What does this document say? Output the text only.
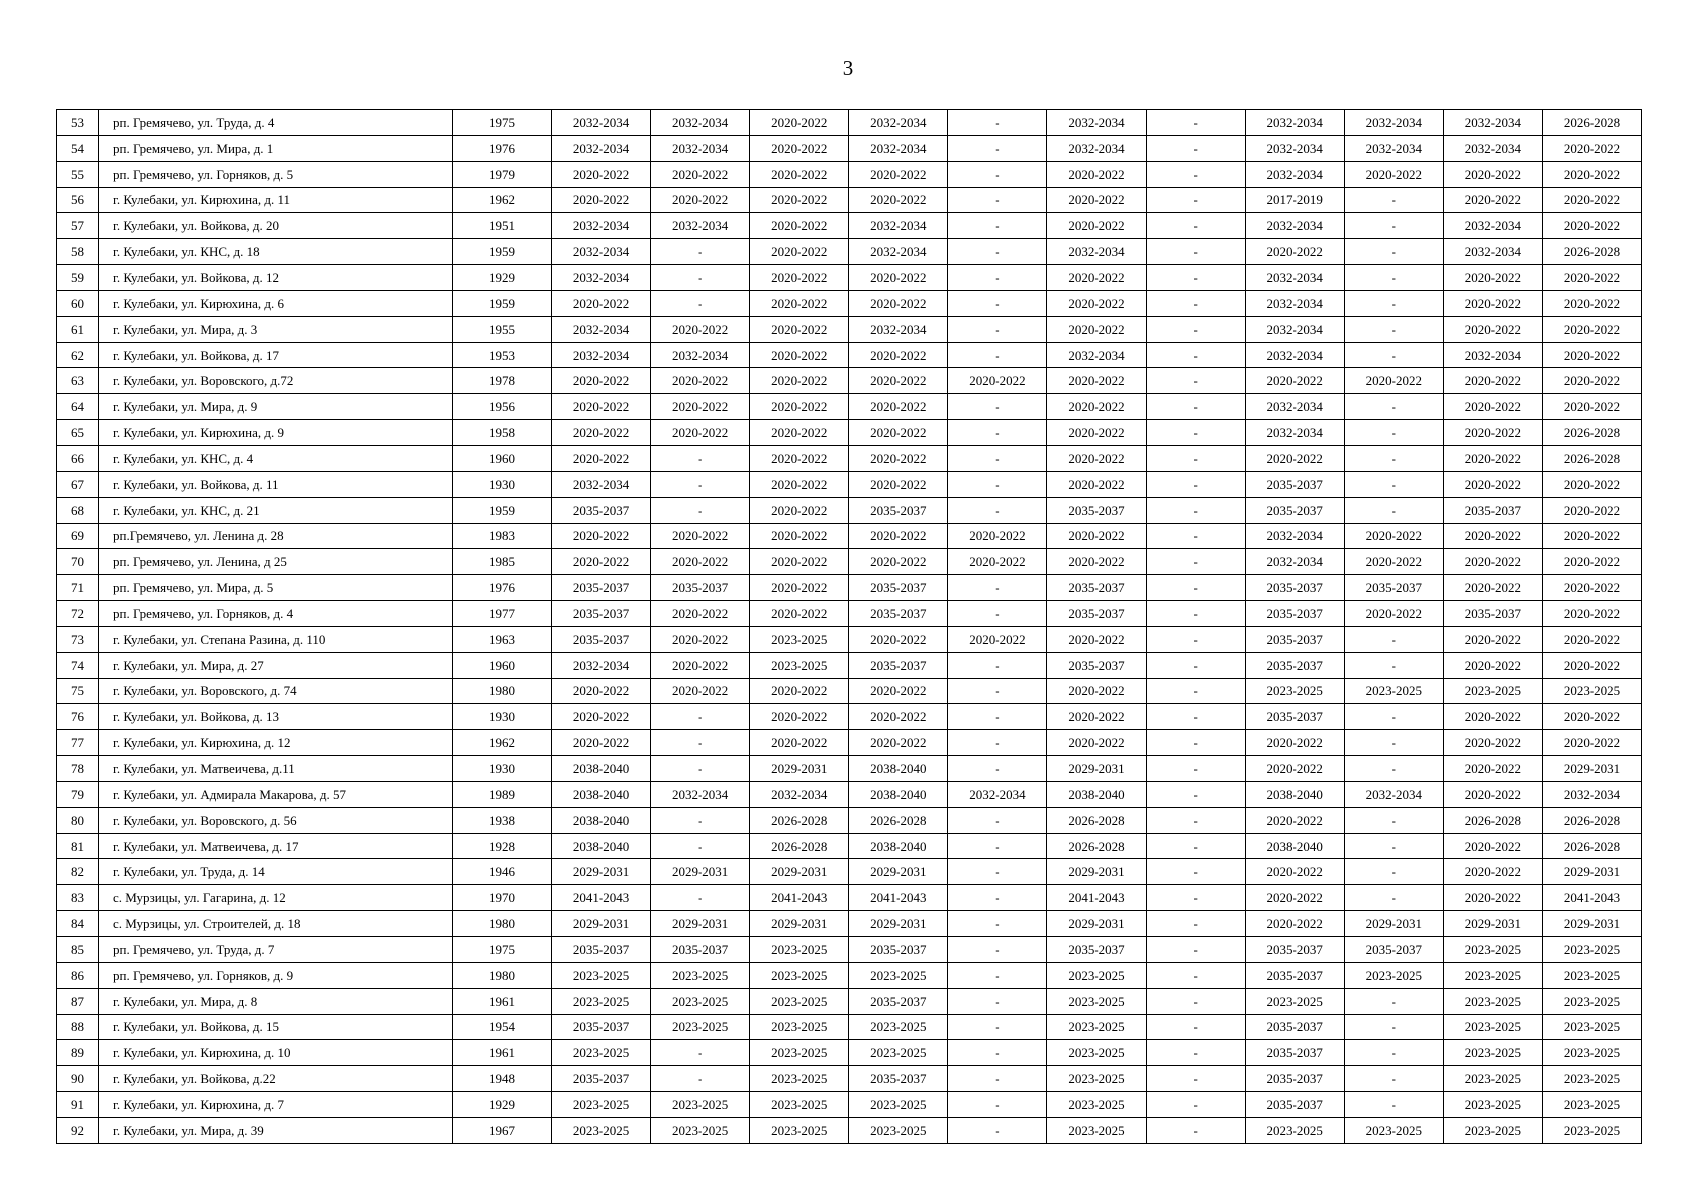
3
53	рп. Гремячево, ул. Труда, д. 4	1975	2032-2034	2032-2034	2020-2022	2032-2034	-	2032-2034	-	2032-2034	2032-2034	2032-2034	2026-2028
54	рп. Гремячево, ул. Мира, д. 1	1976	2032-2034	2032-2034	2020-2022	2032-2034	-	2032-2034	-	2032-2034	2032-2034	2032-2034	2020-2022
55	рп. Гремячево, ул. Горняков, д. 5	1979	2020-2022	2020-2022	2020-2022	2020-2022	-	2020-2022	-	2032-2034	2020-2022	2020-2022	2020-2022
56	г. Кулебаки, ул. Кирюхина, д. 11	1962	2020-2022	2020-2022	2020-2022	2020-2022	-	2020-2022	-	2017-2019	-	2020-2022	2020-2022
57	г. Кулебаки, ул. Войкова, д. 20	1951	2032-2034	2032-2034	2020-2022	2032-2034	-	2020-2022	-	2032-2034	-	2032-2034	2020-2022
58	г. Кулебаки, ул. КНС, д. 18	1959	2032-2034	-	2020-2022	2032-2034	-	2032-2034	-	2020-2022	-	2032-2034	2026-2028
59	г. Кулебаки, ул. Войкова, д. 12	1929	2032-2034	-	2020-2022	2020-2022	-	2020-2022	-	2032-2034	-	2020-2022	2020-2022
60	г. Кулебаки, ул. Кирюхина, д. 6	1959	2020-2022	-	2020-2022	2020-2022	-	2020-2022	-	2032-2034	-	2020-2022	2020-2022
61	г. Кулебаки, ул. Мира, д. 3	1955	2032-2034	2020-2022	2020-2022	2032-2034	-	2020-2022	-	2032-2034	-	2020-2022	2020-2022
62	г. Кулебаки, ул. Войкова, д. 17	1953	2032-2034	2032-2034	2020-2022	2020-2022	-	2032-2034	-	2032-2034	-	2032-2034	2020-2022
63	г. Кулебаки, ул. Воровского, д.72	1978	2020-2022	2020-2022	2020-2022	2020-2022	2020-2022	2020-2022	-	2020-2022	2020-2022	2020-2022	2020-2022
64	г. Кулебаки, ул. Мира, д. 9	1956	2020-2022	2020-2022	2020-2022	2020-2022	-	2020-2022	-	2032-2034	-	2020-2022	2020-2022
65	г. Кулебаки, ул. Кирюхина, д. 9	1958	2020-2022	2020-2022	2020-2022	2020-2022	-	2020-2022	-	2032-2034	-	2020-2022	2026-2028
66	г. Кулебаки, ул. КНС, д. 4	1960	2020-2022	-	2020-2022	2020-2022	-	2020-2022	-	2020-2022	-	2020-2022	2026-2028
67	г. Кулебаки, ул. Войкова, д. 11	1930	2032-2034	-	2020-2022	2020-2022	-	2020-2022	-	2035-2037	-	2020-2022	2020-2022
68	г. Кулебаки, ул. КНС, д. 21	1959	2035-2037	-	2020-2022	2035-2037	-	2035-2037	-	2035-2037	-	2035-2037	2020-2022
69	рп.Гремячево, ул. Ленина д. 28	1983	2020-2022	2020-2022	2020-2022	2020-2022	2020-2022	2020-2022	-	2032-2034	2020-2022	2020-2022	2020-2022
70	рп. Гремячево, ул. Ленина, д 25	1985	2020-2022	2020-2022	2020-2022	2020-2022	2020-2022	2020-2022	-	2032-2034	2020-2022	2020-2022	2020-2022
71	рп. Гремячево, ул. Мира, д. 5	1976	2035-2037	2035-2037	2020-2022	2035-2037	-	2035-2037	-	2035-2037	2035-2037	2020-2022	2020-2022
72	рп. Гремячево, ул. Горняков, д. 4	1977	2035-2037	2020-2022	2020-2022	2035-2037	-	2035-2037	-	2035-2037	2020-2022	2035-2037	2020-2022
73	г. Кулебаки, ул. Степана Разина, д. 110	1963	2035-2037	2020-2022	2023-2025	2020-2022	2020-2022	2020-2022	-	2035-2037	-	2020-2022	2020-2022
74	г. Кулебаки, ул. Мира, д. 27	1960	2032-2034	2020-2022	2023-2025	2035-2037	-	2035-2037	-	2035-2037	-	2020-2022	2020-2022
75	г. Кулебаки, ул. Воровского, д. 74	1980	2020-2022	2020-2022	2020-2022	2020-2022	-	2020-2022	-	2023-2025	2023-2025	2023-2025	2023-2025
76	г. Кулебаки, ул. Войкова, д. 13	1930	2020-2022	-	2020-2022	2020-2022	-	2020-2022	-	2035-2037	-	2020-2022	2020-2022
77	г. Кулебаки, ул. Кирюхина, д. 12	1962	2020-2022	-	2020-2022	2020-2022	-	2020-2022	-	2020-2022	-	2020-2022	2020-2022
78	г. Кулебаки, ул. Матвеичева, д.11	1930	2038-2040	-	2029-2031	2038-2040	-	2029-2031	-	2020-2022	-	2020-2022	2029-2031
79	г. Кулебаки, ул. Адмирала Макарова, д. 57	1989	2038-2040	2032-2034	2032-2034	2038-2040	2032-2034	2038-2040	-	2038-2040	2032-2034	2020-2022	2032-2034
80	г. Кулебаки, ул. Воровского, д. 56	1938	2038-2040	-	2026-2028	2026-2028	-	2026-2028	-	2020-2022	-	2026-2028	2026-2028
81	г. Кулебаки, ул. Матвеичева, д. 17	1928	2038-2040	-	2026-2028	2038-2040	-	2026-2028	-	2038-2040	-	2020-2022	2026-2028
82	г. Кулебаки, ул. Труда, д. 14	1946	2029-2031	2029-2031	2029-2031	2029-2031	-	2029-2031	-	2020-2022	-	2020-2022	2029-2031
83	с. Мурзицы, ул. Гагарина, д. 12	1970	2041-2043	-	2041-2043	2041-2043	-	2041-2043	-	2020-2022	-	2020-2022	2041-2043
84	с. Мурзицы, ул. Строителей, д. 18	1980	2029-2031	2029-2031	2029-2031	2029-2031	-	2029-2031	-	2020-2022	2029-2031	2029-2031	2029-2031
85	рп. Гремячево, ул. Труда, д. 7	1975	2035-2037	2035-2037	2023-2025	2035-2037	-	2035-2037	-	2035-2037	2035-2037	2023-2025	2023-2025
86	рп. Гремячево, ул. Горняков, д. 9	1980	2023-2025	2023-2025	2023-2025	2023-2025	-	2023-2025	-	2035-2037	2023-2025	2023-2025	2023-2025
87	г. Кулебаки, ул. Мира, д. 8	1961	2023-2025	2023-2025	2023-2025	2035-2037	-	2023-2025	-	2023-2025	-	2023-2025	2023-2025
88	г. Кулебаки, ул. Войкова, д. 15	1954	2035-2037	2023-2025	2023-2025	2023-2025	-	2023-2025	-	2035-2037	-	2023-2025	2023-2025
89	г. Кулебаки, ул. Кирюхина, д. 10	1961	2023-2025	-	2023-2025	2023-2025	-	2023-2025	-	2035-2037	-	2023-2025	2023-2025
90	г. Кулебаки, ул. Войкова, д.22	1948	2035-2037	-	2023-2025	2035-2037	-	2023-2025	-	2035-2037	-	2023-2025	2023-2025
91	г. Кулебаки, ул. Кирюхина, д. 7	1929	2023-2025	2023-2025	2023-2025	2023-2025	-	2023-2025	-	2035-2037	-	2023-2025	2023-2025
92	г. Кулебаки, ул. Мира, д. 39	1967	2023-2025	2023-2025	2023-2025	2023-2025	-	2023-2025	-	2023-2025	2023-2025	2023-2025	2023-2025
